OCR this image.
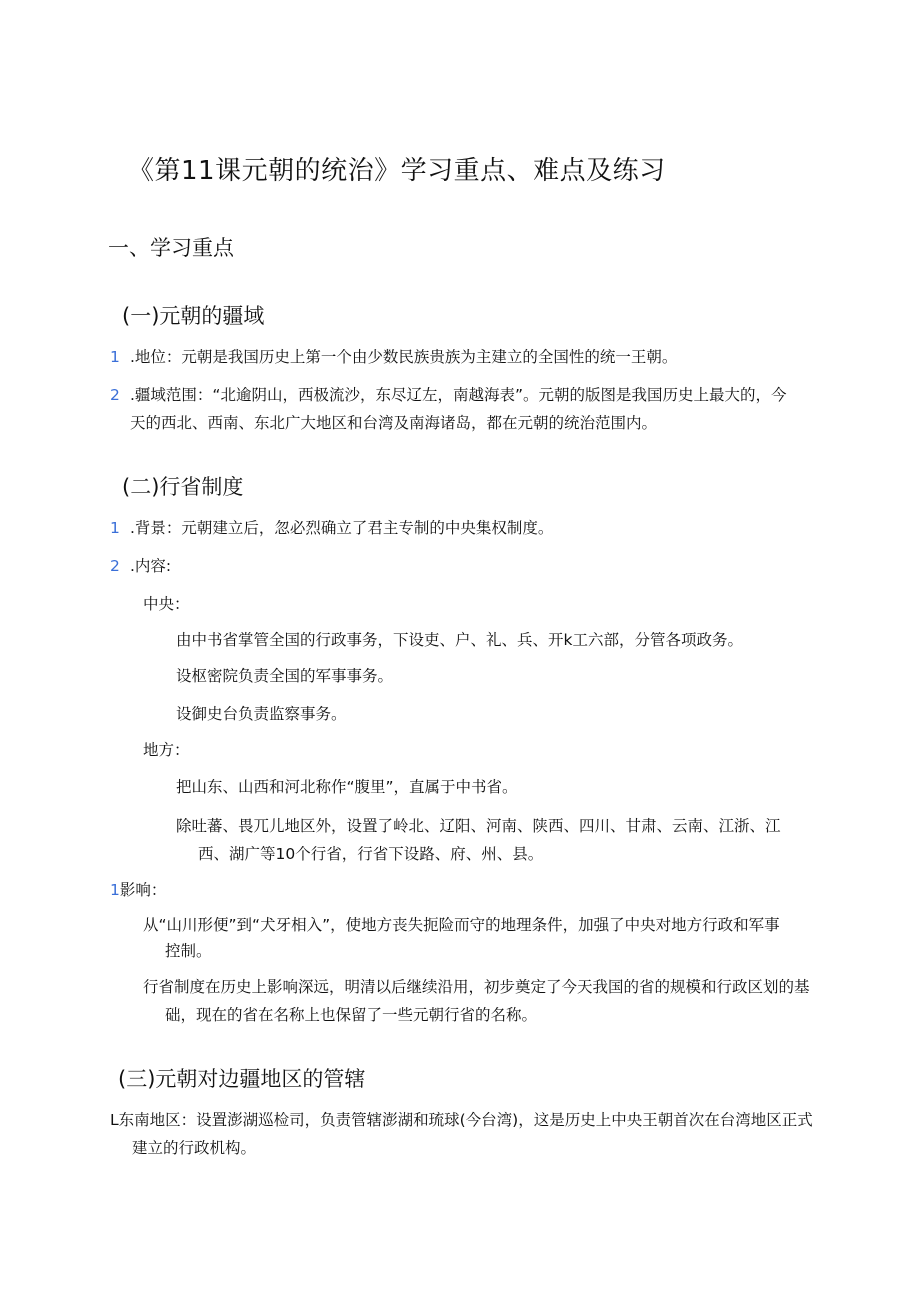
《第11课元朝的统治》学习重点、难点及练习
一、学习重点
(一)元朝的疆域
1 .地位：元朝是我国历史上第一个由少数民族贵族为主建立的全国性的统一王朝。
2 .疆域范围：“北逾阴山，西极流沙，东尽辽左，南越海表”。元朝的版图是我国历史上最大的，今
天的西北、西南、东北广大地区和台湾及南海诸岛，都在元朝的统治范围内。
(二)行省制度
1 .背景：元朝建立后，忽必烈确立了君主专制的中央集权制度。
2 .内容:
中央：
由中书省掌管全国的行政事务，下设吏、户、礼、兵、开k工六部，分管各项政务。
设枢密院负责全国的军事事务。
设御史台负责监察事务。
地方：
把山东、山西和河北称作“腹里”，直属于中书省。
除吐蕃、畏兀儿地区外，设置了岭北、辽阳、河南、陕西、四川、甘肃、云南、江浙、江
西、湖广等10个行省，行省下设路、府、州、县。
1影响：
从“山川形便”到“犬牙相入”，使地方丧失扼险而守的地理条件，加强了中央对地方行政和军事
控制。
行省制度在历史上影响深远，明清以后继续沿用，初步奠定了今天我国的省的规模和行政区划的基
础，现在的省在名称上也保留了一些元朝行省的名称。
(三)元朝对边疆地区的管辖
L东南地区：设置澎湖巡检司，负责管辖澎湖和琉球(今台湾)，这是历史上中央王朝首次在台湾地区正式
建立的行政机构。
